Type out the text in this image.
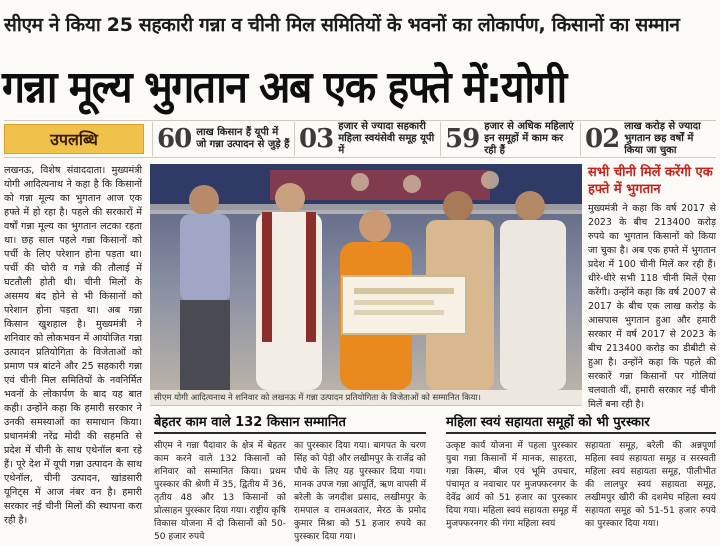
सीएम ने किया 25 सहकारी गन्ना व चीनी मिल समितियों के भवनों का लोकार्पण, किसानों का सम्मान
गन्ना मूल्य भुगतान अब एक हफ्ते में:योगी
उपलब्धि 60 लाख किसान हैं यूपी में जो गन्ना उत्पादन से जुड़े हैं 03 हजार से ज्यादा सहकारी महिला स्वयंसेवी समूह यूपी में	59 हजार से अधिक महिलाएं इन समूहों में काम कर रही हैं	02 लाख करोड़ से ज्यादा भुगतान छह वर्षों में किया जा चुका

लखनऊ, विशेष संवाददाता। मुख्यमंत्री योगी आदित्यनाथ ने कहा है कि किसानों को गन्ना मूल्य का भुगतान आज एक हफ्ते में हो रहा है। पहले की सरकारों में वर्षों गन्ना मूल्य का भुगतान लटका रहता था। छह साल पहले गन्ना किसानों को पर्ची के लिए परेशान होना पड़ता था। पर्ची की चोरी व गन्ने की तौलाई में घटतौली होती थी। चीनी मिलों के असमय बंद होने से भी किसानों को परेशान होना पड़ता था। अब गन्ना किसान खुशहाल है। मुख्यमंत्री ने शनिवार को लोकभवन में आयोजित गन्ना उत्पादन प्रतियोगिता के विजेताओं को प्रमाण पत्र बांटने और 25 सहकारी गन्ना एवं चीनी मिल समितियों के नवनिर्मित भवनों के लोकार्पण के बाद यह बात कही। उन्होंने कहा कि हमारी सरकार ने उनकी समस्याओं का समाधान किया। प्रधानमंत्री नरेंद्र मोदी की सहमति से प्रदेश में चीनी के साथ एथेनॉल बना रहे हैं। पूरे देश में यूपी गन्ना उत्पादन के साथ एथेनॉल, चीनी उत्पादन, खांडसारी यूनिट्स में आज नंबर वन है। हमारी सरकार नई चीनी मिलों की स्थापना करा रही है।

सीएम योगी आदित्यनाथ ने शनिवार को लखनऊ में गन्ना उत्पादन प्रतियोगिता के विजेताओं को सम्मानित किया।
सभी चीनी मिलें करेंगी एक हफ्ते में भुगतान

मुख्यमंत्री ने कहा कि वर्ष 2017 से 2023 के बीच 213400 करोड़ रुपये का भुगतान किसानों को किया जा चुका है। अब एक हफ्ते में भुगतान प्रदेश में 100 चीनी मिलें कर रही हैं। धीरे-धीरे सभी 118 चीनी मिलें ऐसा करेंगी। उन्होंने कहा कि वर्ष 2007 से 2017 के बीच एक लाख करोड़ के आसपास भुगतान हुआ और हमारी सरकार में वर्ष 2017 से 2023 के बीच 213400 करोड़ का डीबीटी से हुआ है। उन्होंने कहा कि पहले की सरकारें गन्ना किसानों पर गोलियां चलवाती थीं, हमारी सरकार नई चीनी मिलें बना रही है।

बेहतर काम वाले 132 किसान सम्मानित

सीएम ने गन्ना पैदावार के क्षेत्र में बेहतर काम करने वाले 132 किसानों को शनिवार को सम्मानित किया। प्रथम पुरस्कार की श्रेणी में 35, द्वितीय में 36, तृतीय 48 और 13 किसानों को प्रोत्साहन पुरस्कार दिया गया। राष्ट्रीय कृषि विकास योजना में दो किसानों को 50-50 हजार रुपये

का पुरस्कार दिया गया। बागपत के चरण सिंह को पेड़ी और लखीमपुर के राजेंद्र को पौधे के लिए यह पुरस्कार दिया गया। मानक उपज गन्ना आपूर्ति, ऋण वापसी में बरेली के जगदीश प्रसाद, लखीमपुर के रामपाल व रामअवतार, मेरठ के प्रमोद कुमार मिश्रा को 51 हजार रुपये का पुरस्कार दिया गया।

महिला स्वयं सहायता समूहों को भी पुरस्कार

उत्कृष्ट कार्य योजना में पहला पुरस्कार युवा गन्ना किसानों में मानक, साहरता, गन्ना किस्म, बीज एवं भूमि उपचार, पंचामृत व नवाचार पर मुजफ्फरनगर के देवेंद्र आर्य को 51 हजार का पुरस्कार दिया गया। महिला स्वयं सहायता समूह में मुजफ्फरनगर की गंगा महिला स्वयं

सहायता समूह, बरेली की अन्नपूर्णा महिला स्वयं सहायता समूह व सरस्वती महिला स्वयं सहायता समूह, पीलीभीत की लालपुर स्वयं सहायता समूह, लखीमपुर खीरी की दशमेघ महिला स्वयं सहायता समूह को 51-51 हजार रुपये का पुरस्कार दिया गया।
